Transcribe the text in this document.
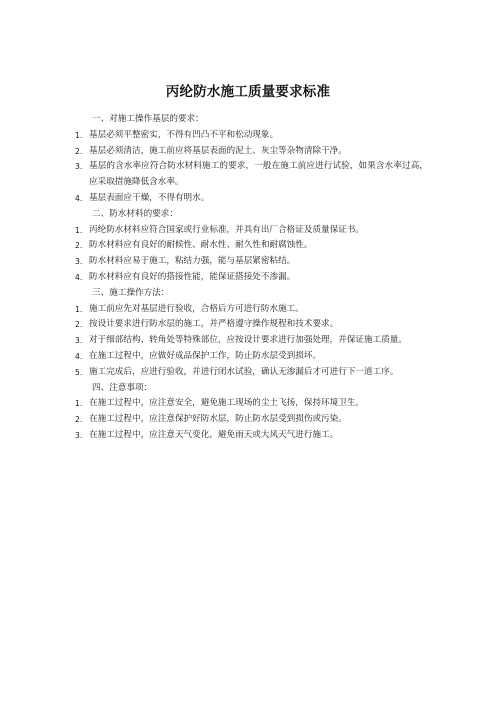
丙纶防水施工质量要求标准
一、对施工操作基层的要求：
1. 基层必须平整密实，不得有凹凸不平和松动现象。
2. 基层必须清洁，施工前应将基层表面的泥土、灰尘等杂物清除干净。
3. 基层的含水率应符合防水材料施工的要求，一般在施工前应进行试验，如果含水率过高，应采取措施降低含水率。
4. 基层表面应干燥，不得有明水。
二、防水材料的要求：
1. 丙纶防水材料应符合国家或行业标准，并具有出厂合格证及质量保证书。
2. 防水材料应有良好的耐候性、耐水性、耐久性和耐腐蚀性。
3. 防水材料应易于施工，粘结力强，能与基层紧密粘结。
4. 防水材料应有良好的搭接性能，能保证搭接处不渗漏。
三、施工操作方法：
1. 施工前应先对基层进行验收，合格后方可进行防水施工。
2. 按设计要求进行防水层的施工，并严格遵守操作规程和技术要求。
3. 对于细部结构、转角处等特殊部位，应按设计要求进行加强处理，并保证施工质量。
4. 在施工过程中，应做好成品保护工作，防止防水层受到损坏。
5. 施工完成后，应进行验收，并进行闭水试验，确认无渗漏后才可进行下一道工序。
四、注意事项：
1. 在施工过程中，应注意安全，避免施工现场的尘土飞扬，保持环境卫生。
2. 在施工过程中，应注意保护好防水层，防止防水层受到损伤或污染。
3. 在施工过程中，应注意天气变化，避免雨天或大风天气进行施工。
